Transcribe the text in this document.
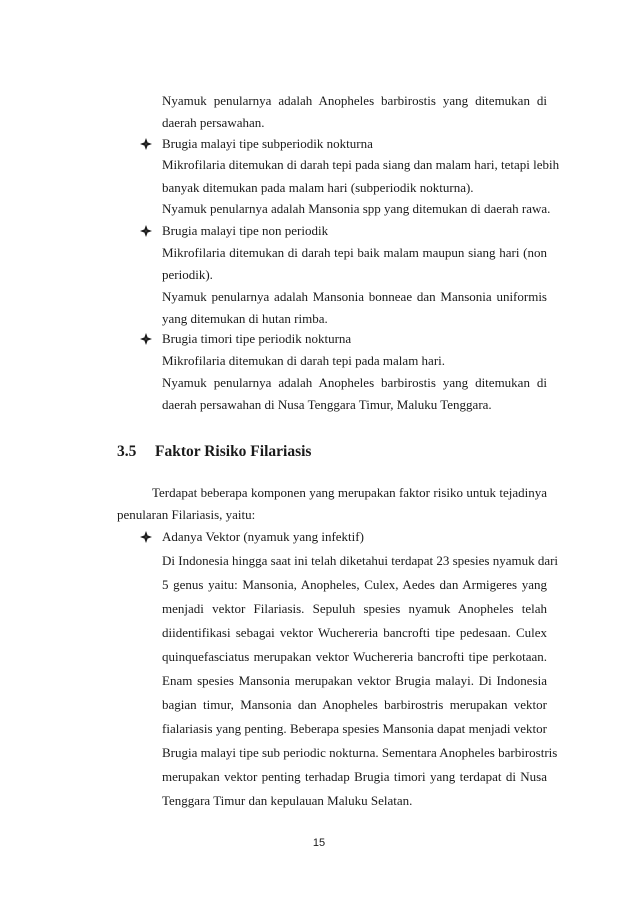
Nyamuk penularnya adalah Anopheles barbirostis yang ditemukan di
daerah persawahan.
Brugia malayi tipe subperiodik nokturna
Mikrofilaria ditemukan di darah tepi pada siang dan malam hari, tetapi lebih
banyak ditemukan pada malam hari (subperiodik nokturna).
Nyamuk penularnya adalah Mansonia spp yang ditemukan di daerah rawa.
Brugia malayi tipe non periodik
Mikrofilaria ditemukan di darah tepi baik malam maupun siang hari (non
periodik).
Nyamuk penularnya adalah Mansonia bonneae dan Mansonia uniformis
yang ditemukan di hutan rimba.
Brugia timori tipe periodik nokturna
Mikrofilaria ditemukan di darah tepi pada malam hari.
Nyamuk penularnya adalah Anopheles barbirostis yang ditemukan di
daerah persawahan di Nusa Tenggara Timur, Maluku Tenggara.
3.5 Faktor Risiko Filariasis
Terdapat beberapa komponen yang merupakan faktor risiko untuk tejadinya
penularan Filariasis, yaitu:
Adanya Vektor (nyamuk yang infektif)
Di Indonesia hingga saat ini telah diketahui terdapat 23 spesies nyamuk dari
5 genus yaitu: Mansonia, Anopheles, Culex, Aedes dan Armigeres yang
menjadi vektor Filariasis. Sepuluh spesies nyamuk Anopheles telah
diidentifikasi sebagai vektor Wuchereria bancrofti tipe pedesaan. Culex
quinquefasciatus merupakan vektor Wuchereria bancrofti tipe perkotaan.
Enam spesies Mansonia merupakan vektor Brugia malayi. Di Indonesia
bagian timur, Mansonia dan Anopheles barbirostris merupakan vektor
fialariasis yang penting. Beberapa spesies Mansonia dapat menjadi vektor
Brugia malayi tipe sub periodic nokturna. Sementara Anopheles barbirostris
merupakan vektor penting terhadap Brugia timori yang terdapat di Nusa
Tenggara Timur dan kepulauan Maluku Selatan.
15
